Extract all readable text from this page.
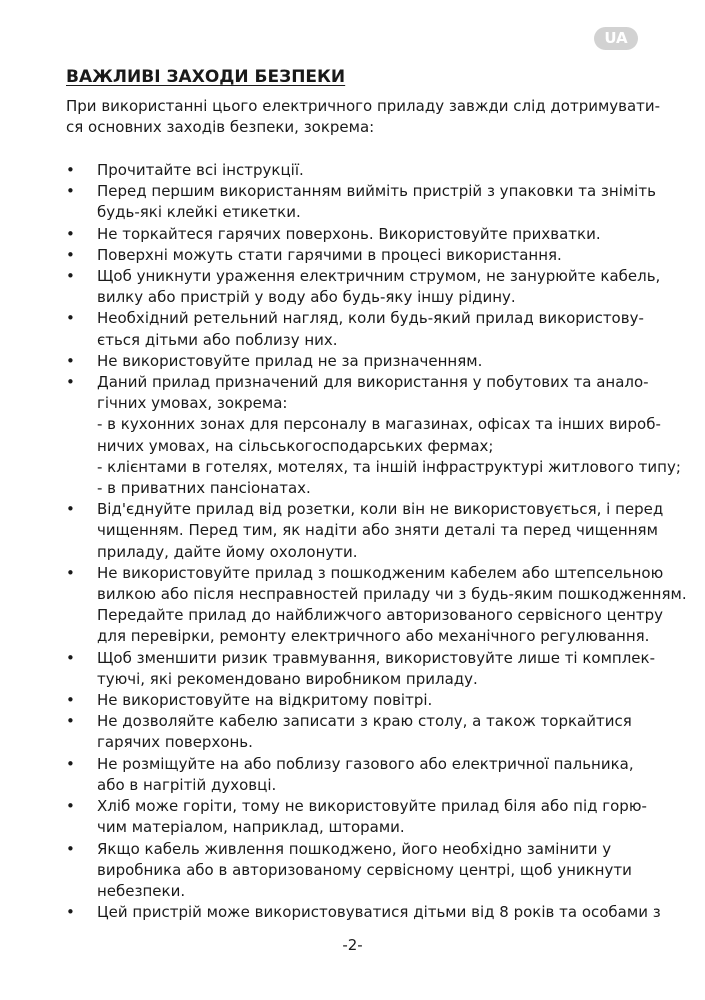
UA
ВАЖЛИВІ ЗАХОДИ БЕЗПЕКИ
При використанні цього електричного приладу завжди слід дотримувати-
ся основних заходів безпеки, зокрема:
• Прочитайте всі інструкції.
• Перед першим використанням вийміть пристрій з упаковки та зніміть
будь-які клейкі етикетки.
• Не торкайтеся гарячих поверхонь. Використовуйте прихватки.
• Поверхні можуть стати гарячими в процесі використання.
• Щоб уникнути ураження електричним струмом, не занурюйте кабель,
вилку або пристрій у воду або будь-яку іншу рідину.
• Необхідний ретельний нагляд, коли будь-який прилад використову-
ється дітьми або поблизу них.
• Не використовуйте прилад не за призначенням.
• Даний прилад призначений для використання у побутових та анало-
гічних умовах, зокрема:
- в кухонних зонах для персоналу в магазинах, офісах та інших вироб-
ничих умовах, на сільськогосподарських фермах;
- клієнтами в готелях, мотелях, та іншій інфраструктурі житлового типу;
- в приватних пансіонатах.
• Від'єднуйте прилад від розетки, коли він не використовується, і перед
чищенням. Перед тим, як надіти або зняти деталі та перед чищенням
приладу, дайте йому охолонути.
• Не використовуйте прилад з пошкодженим кабелем або штепсельною
вилкою або після несправностей приладу чи з будь-яким пошкодженням.
Передайте прилад до найближчого авторизованого сервісного центру
для перевірки, ремонту електричного або механічного регулювання.
• Щоб зменшити ризик травмування, використовуйте лише ті комплек-
туючі, які рекомендовано виробником приладу.
• Не використовуйте на відкритому повітрі.
• Не дозволяйте кабелю записати з краю столу, а також торкайтися
гарячих поверхонь.
• Не розміщуйте на або поблизу газового або електричної пальника,
або в нагрітій духовці.
• Хліб може горіти, тому не використовуйте прилад біля або під горю-
чим матеріалом, наприклад, шторами.
• Якщо кабель живлення пошкоджено, його необхідно замінити у
виробника або в авторизованому сервісному центрі, щоб уникнути
небезпеки.
• Цей пристрій може використовуватися дітьми від 8 років та особами з
-2-
